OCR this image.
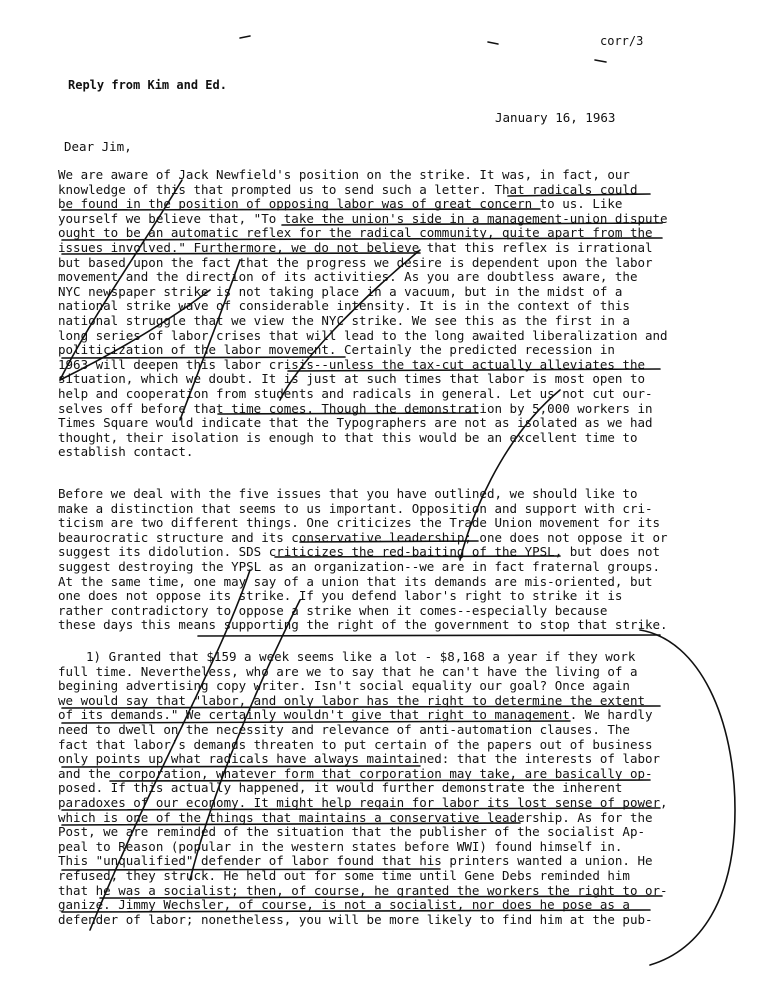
corr/3
Reply from Kim and Ed.
January 16, 1963
Dear Jim,
We are aware of Jack Newfield's position on the strike. It was, in fact, our
knowledge of this that prompted us to send such a letter. That radicals could
be found in the position of opposing labor was of great concern to us. Like
yourself we believe that, "To take the union's side in a management-union dispute
ought to be an automatic reflex for the radical community, quite apart from the
issues involved." Furthermore, we do not believe that this reflex is irrational
but based upon the fact that the progress we desire is dependent upon the labor
movement and the direction of its activities. As you are doubtless aware, the
NYC newspaper strike is not taking place in a vacuum, but in the midst of a
national strike wave of considerable intensity. It is in the context of this
national struggle that we view the NYC strike. We see this as the first in a
long series of labor crises that will lead to the long awaited liberalization and
politicization of the labor movement. Certainly the predicted recession in
1963 will deepen this labor crisis--unless the tax-cut actually alleviates the
situation, which we doubt. It is just at such times that labor is most open to
help and cooperation from students and radicals in general. Let us not cut our-
selves off before that time comes. Though the demonstration by 5,000 workers in
Times Square would indicate that the Typographers are not as isolated as we had
thought, their isolation is enough to that this would be an excellent time to
establish contact.
Before we deal with the five issues that you have outlined, we should like to
make a distinction that seems to us important. Opposition and support with cri-
ticism are two different things. One criticizes the Trade Union movement for its
beaurocratic structure and its conservative leadership; one does not oppose it or
suggest its didolution. SDS criticizes the red-baiting of the YPSL, but does not
suggest destroying the YPSL as an organization--we are in fact fraternal groups.
At the same time, one may say of a union that its demands are mis-oriented, but
one does not oppose its strike. If you defend labor's right to strike it is
rather contradictory to oppose a strike when it comes--especially because
these days this means supporting the right of the government to stop that strike.
1) Granted that $159 a week seems like a lot - $8,168 a year if they work
full time. Nevertheless, who are we to say that he can't have the living of a
begining advertising copy writer. Isn't social equality our goal? Once again
we would say that "labor, and only labor has the right to determine the extent
of its demands." We certainly wouldn't give that right to management. We hardly
need to dwell on the necessity and relevance of anti-automation clauses. The
fact that labor's demands threaten to put certain of the papers out of business
only points up what radicals have always maintained: that the interests of labor
and the corporation, whatever form that corporation may take, are basically op-
posed. If this actually happened, it would further demonstrate the inherent
paradoxes of our economy. It might help regain for labor its lost sense of power,
which is one of the things that maintains a conservative leadership. As for the
Post, we are reminded of the situation that the publisher of the socialist Ap-
peal to Reason (popular in the western states before WWI) found himself in.
This "unqualified" defender of labor found that his printers wanted a union. He
refused, they struck. He held out for some time until Gene Debs reminded him
that he was a socialist; then, of course, he granted the workers the right to or-
ganize. Jimmy Wechsler, of course, is not a socialist, nor does he pose as a
defender of labor; nonetheless, you will be more likely to find him at the pub-
